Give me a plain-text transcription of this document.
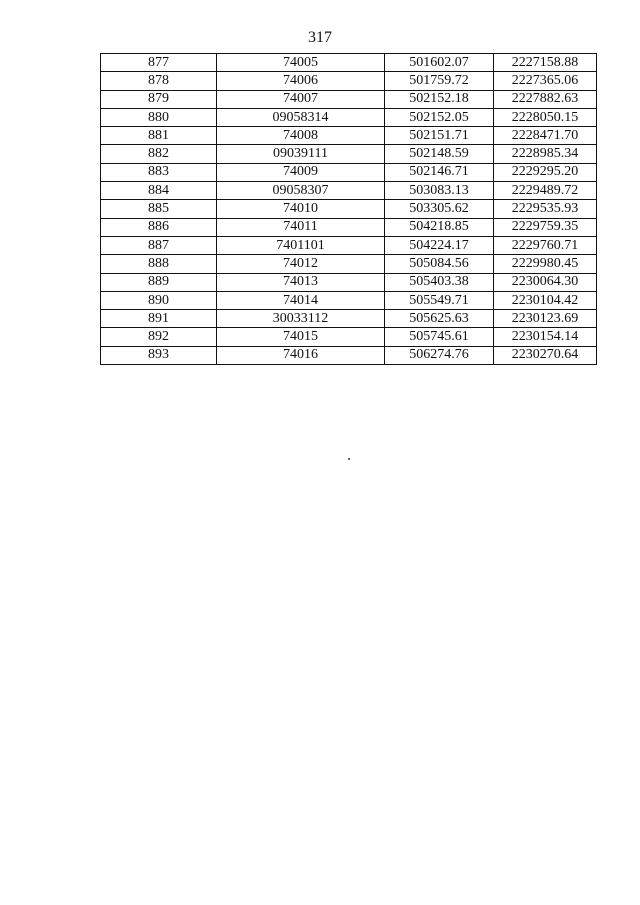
317
877	74005	501602.07	2227158.88
878	74006	501759.72	2227365.06
879	74007	502152.18	2227882.63
880	09058314	502152.05	2228050.15
881	74008	502151.71	2228471.70
882	09039111	502148.59	2228985.34
883	74009	502146.71	2229295.20
884	09058307	503083.13	2229489.72
885	74010	503305.62	2229535.93
886	74011	504218.85	2229759.35
887	7401101	504224.17	2229760.71
888	74012	505084.56	2229980.45
889	74013	505403.38	2230064.30
890	74014	505549.71	2230104.42
891	30033112	505625.63	2230123.69
892	74015	505745.61	2230154.14
893	74016	506274.76	2230270.64
